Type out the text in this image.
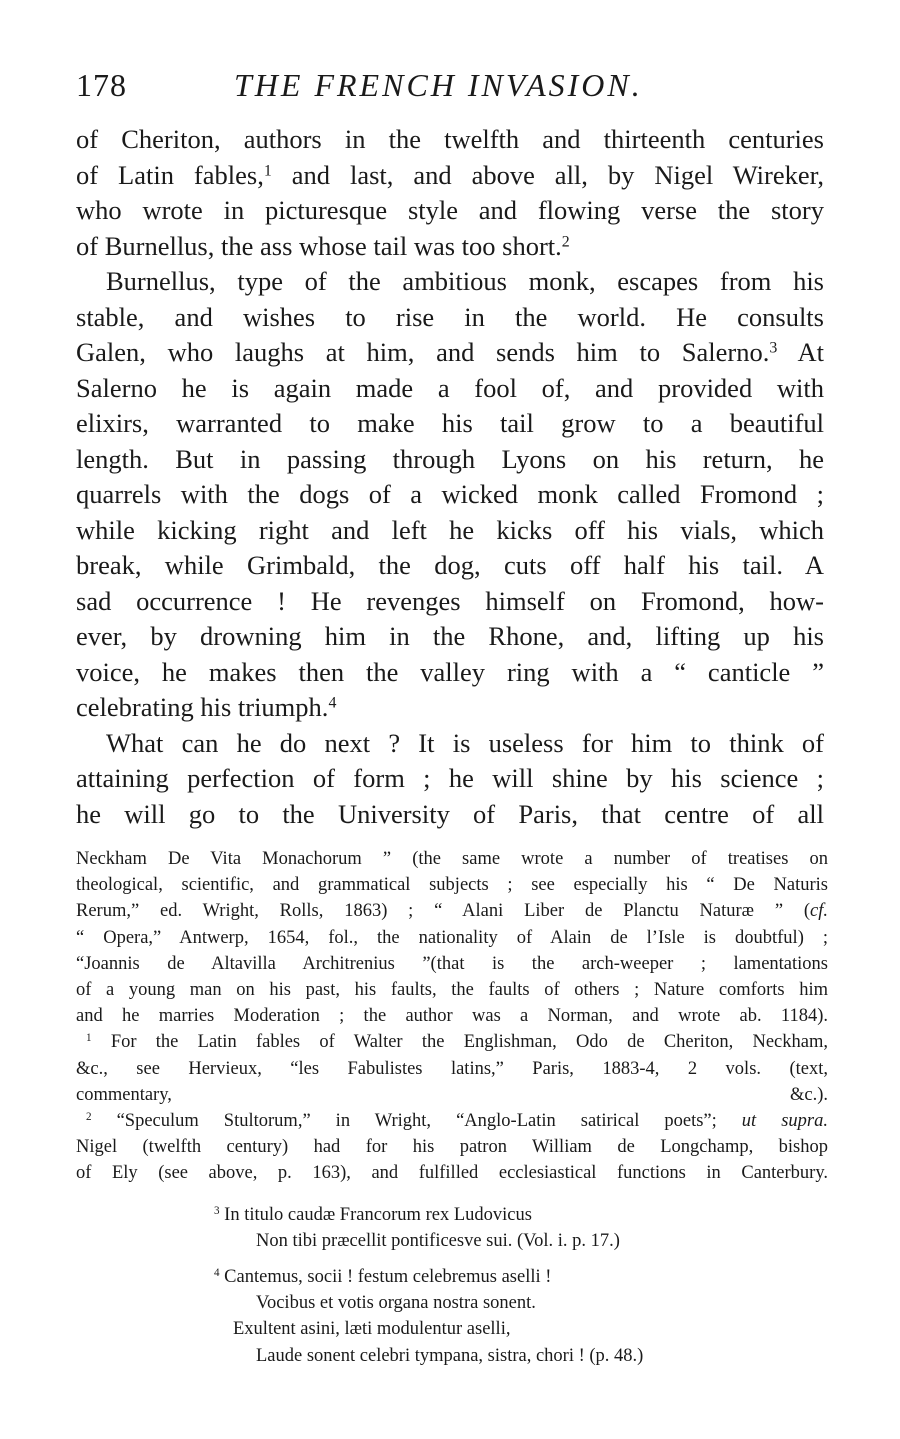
178	THE FRENCH INVASION.

of Cheriton, authors in the twelfth and thirteenth centuries
of Latin fables,$^1$ and last, and above all, by Nigel Wireker,
who wrote in picturesque style and flowing verse the story
of Burnellus, the ass whose tail was too short.$^2$

Burnellus, type of the ambitious monk, escapes from his
stable, and wishes to rise in the world. He consults
Galen, who laughs at him, and sends him to Salerno.$^3$ At
Salerno he is again made a fool of, and provided with
elixirs, warranted to make his tail grow to a beautiful
length. But in passing through Lyons on his return, he
quarrels with the dogs of a wicked monk called Fromond ;
while kicking right and left he kicks off his vials, which
break, while Grimbald, the dog, cuts off half his tail. A
sad occurrence ! He revenges himself on Fromond, how-
ever, by drowning him in the Rhone, and, lifting up his
voice, he makes then the valley ring with a “ canticle ”
celebrating his triumph.$^4$

What can he do next ? It is useless for him to think of
attaining perfection of form ; he will shine by his science ;
he will go to the University of Paris, that centre of all

Neckham De Vita Monachorum ” (the same wrote a number of treatises on
theological, scientific, and grammatical subjects ; see especially his “ De Naturis
Rerum,” ed. Wright, Rolls, 1863) ; “ Alani Liber de Planctu Naturæ ” (cf.
“ Opera,” Antwerp, 1654, fol., the nationality of Alain de l’Isle is doubtful) ;
“Joannis de Altavilla Architrenius ”(that is the arch-weeper ; lamentations
of a young man on his past, his faults, the faults of others ; Nature comforts him
and he marries Moderation ; the author was a Norman, and wrote ab. 1184).
$^1$ For the Latin fables of Walter the Englishman, Odo de Cheriton, Neckham,
&c., see Hervieux, “les Fabulistes latins,” Paris, 1883-4, 2 vols. (text,
commentary, &c.).
$^2$ “Speculum Stultorum,” in Wright, “Anglo-Latin satirical poets”; ut supra.
Nigel (twelfth century) had for his patron William de Longchamp, bishop
of Ely (see above, p. 163), and fulfilled ecclesiastical functions in Canterbury.
$^3$ In titulo caudæ Francorum rex Ludovicus
Non tibi præcellit pontificesve sui. (Vol. i. p. 17.)
$^4$ Cantemus, socii ! festum celebremus aselli !
Vocibus et votis organa nostra sonent.
Exultent asini, læti modulentur aselli,
Laude sonent celebri tympana, sistra, chori ! (p. 48.)
